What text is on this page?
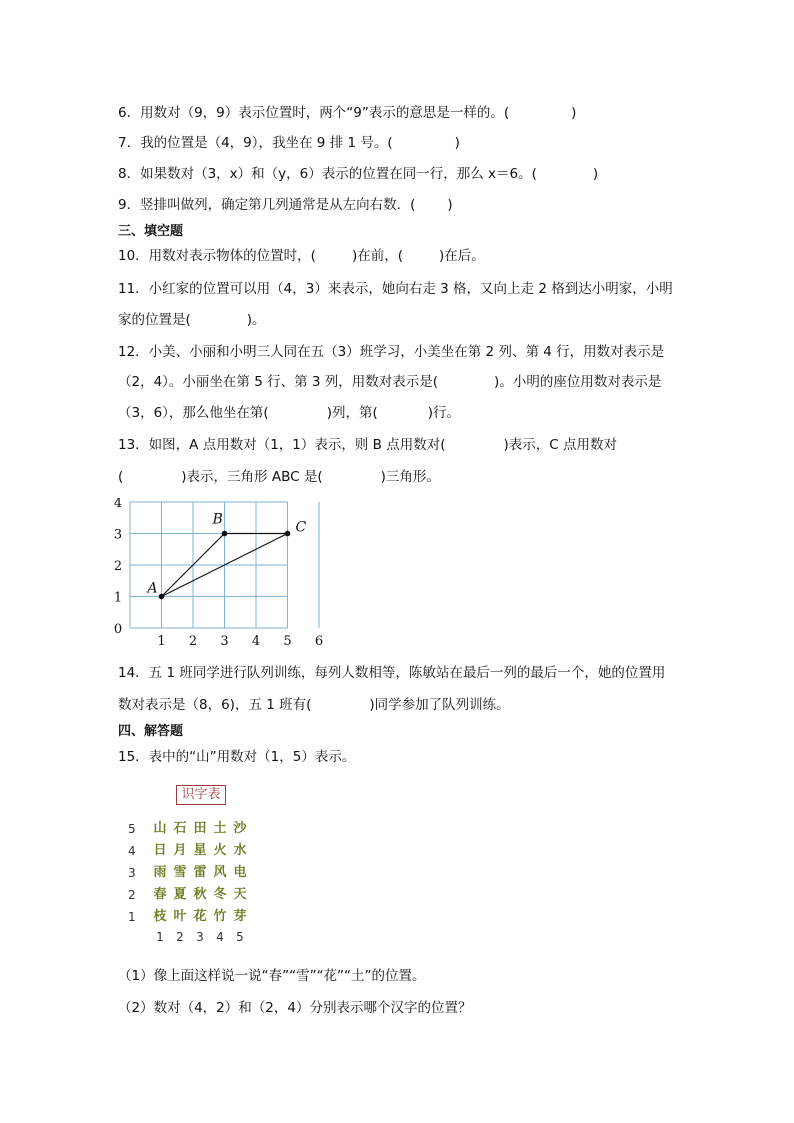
6．用数对（9，9）表示位置时，两个“9”表示的意思是一样的。(	)
7．我的位置是（4，9），我坐在 9 排 1 号。(	)
8．如果数对（3，x）和（y，6）表示的位置在同一行，那么 x＝6。(	)
9．竖排叫做列，确定第几列通常是从左向右数．( )
三、填空题
10．用数对表示物体的位置时，(	)在前，(	)在后。
11．小红家的位置可以用（4，3）来表示，她向右走 3 格，又向上走 2 格到达小明家，小明
家的位置是(	)。
12．小美、小丽和小明三人同在五（3）班学习，小美坐在第 2 列、第 4 行，用数对表示是
（2，4）。小丽坐在第 5 行、第 3 列，用数对表示是(	)。小明的座位用数对表示是
（3，6），那么他坐在第(	)列，第(	)行。
13．如图，A 点用数对（1，1）表示，则 B 点用数对(	)表示，C 点用数对
(	)表示，三角形 ABC 是(	)三角形。
1 2 3 4 5 6
0
1
2
3
4
A
B	C
14．五 1 班同学进行队列训练，每列人数相等，陈敏站在最后一列的最后一个，她的位置用
数对表示是（8，6)，五 1 班有(	)同学参加了队列训练。
四、解答题
15．表中的“山”用数对（1，5）表示。
识字表
5	山 石 田 土 沙
4	日 月 星 火 水
3	雨 雪 雷 风 电
2	春 夏 秋 冬 天
1	枝 叶 花 竹 芽
1	2	3	4	5
（1）像上面这样说一说“春”“雪”“花”“土”的位置。
（2）数对（4，2）和（2，4）分别表示哪个汉字的位置？
